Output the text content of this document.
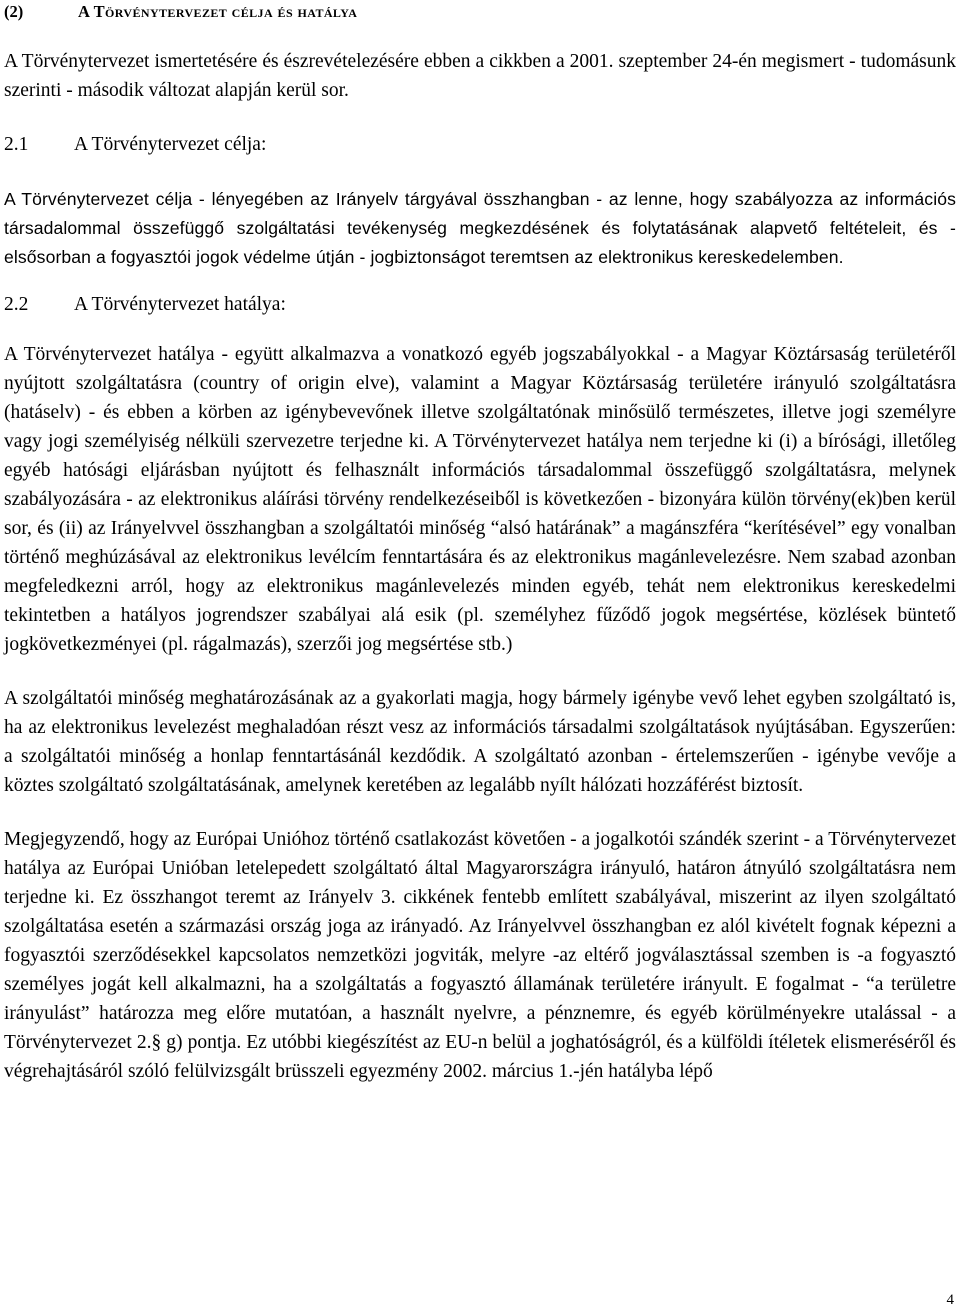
(2)	A Törvénytervezet célja és hatálya

A Törvénytervezet ismertetésére és észrevételezésére ebben a cikkben a 2001. szeptember 24-én megismert - tudomásunk szerinti - második változat alapján kerül sor.

2.1	A Törvénytervezet célja:

A Törvénytervezet célja - lényegében az Irányelv tárgyával összhangban - az lenne, hogy szabályozza az információs társadalommal összefüggő szolgáltatási tevékenység megkezdésének és folytatásának alapvető feltételeit, és - elsősorban a fogyasztói jogok védelme útján - jogbiztonságot teremtsen az elektronikus kereskedelemben.

2.2	A Törvénytervezet hatálya:

A Törvénytervezet hatálya - együtt alkalmazva a vonatkozó egyéb jogszabályokkal - a Magyar Köztársaság területéről nyújtott szolgáltatásra (country of origin elve), valamint a Magyar Köztársaság területére irányuló szolgáltatásra (hatáselv) - és ebben a körben az igénybevevőnek illetve szolgáltatónak minősülő természetes, illetve jogi személyre vagy jogi személyiség nélküli szervezetre terjedne ki. A Törvénytervezet hatálya nem terjedne ki (i) a bírósági, illetőleg egyéb hatósági eljárásban nyújtott és felhasznált információs társadalommal összefüggő szolgáltatásra, melynek szabályozására - az elektronikus aláírási törvény rendelkezéseiből is következően - bizonyára külön törvény(ek)ben kerül sor, és (ii) az Irányelvvel összhangban a szolgáltatói minőség “alsó határának” a magánszféra “kerítésével” egy vonalban történő meghúzásával az elektronikus levélcím fenntartására és az elektronikus magánlevelezésre. Nem szabad azonban megfeledkezni arról, hogy az elektronikus magánlevelezés minden egyéb, tehát nem elektronikus kereskedelmi tekintetben a hatályos jogrendszer szabályai alá esik (pl. személyhez fűződő jogok megsértése, közlések büntető jogkövetkezményei (pl. rágalmazás), szerzői jog megsértése stb.)

A szolgáltatói minőség meghatározásának az a gyakorlati magja, hogy bármely igénybe vevő lehet egyben szolgáltató is, ha az elektronikus levelezést meghaladóan részt vesz az információs társadalmi szolgáltatások nyújtásában. Egyszerűen: a szolgáltatói minőség a honlap fenntartásánál kezdődik. A szolgáltató azonban - értelemszerűen - igénybe vevője a köztes szolgáltató szolgáltatásának, amelynek keretében az legalább nyílt hálózati hozzáférést biztosít.

Megjegyzendő, hogy az Európai Unióhoz történő csatlakozást követően - a jogalkotói szándék szerint - a Törvénytervezet hatálya az Európai Unióban letelepedett szolgáltató által Magyarországra irányuló, határon átnyúló szolgáltatásra nem terjedne ki. Ez összhangot teremt az Irányelv 3. cikkének fentebb említett szabályával, miszerint az ilyen szolgáltató szolgáltatása esetén a származási ország joga az irányadó. Az Irányelvvel összhangban ez alól kivételt fognak képezni a fogyasztói szerződésekkel kapcsolatos nemzetközi jogviták, melyre -az eltérő jogválasztással szemben is -a fogyasztó személyes jogát kell alkalmazni, ha a szolgáltatás a fogyasztó államának területére irányult. E fogalmat - “a területre irányulást” határozza meg előre mutatóan, a használt nyelvre, a pénznemre, és egyéb körülményekre utalással - a Törvénytervezet 2.§ g) pontja. Ez utóbbi kiegészítést az EU-n belül a joghatóságról, és a külföldi ítéletek elismeréséről és végrehajtásáról szóló felülvizsgált brüsszeli egyezmény 2002. március 1.-jén hatályba lépő

4
